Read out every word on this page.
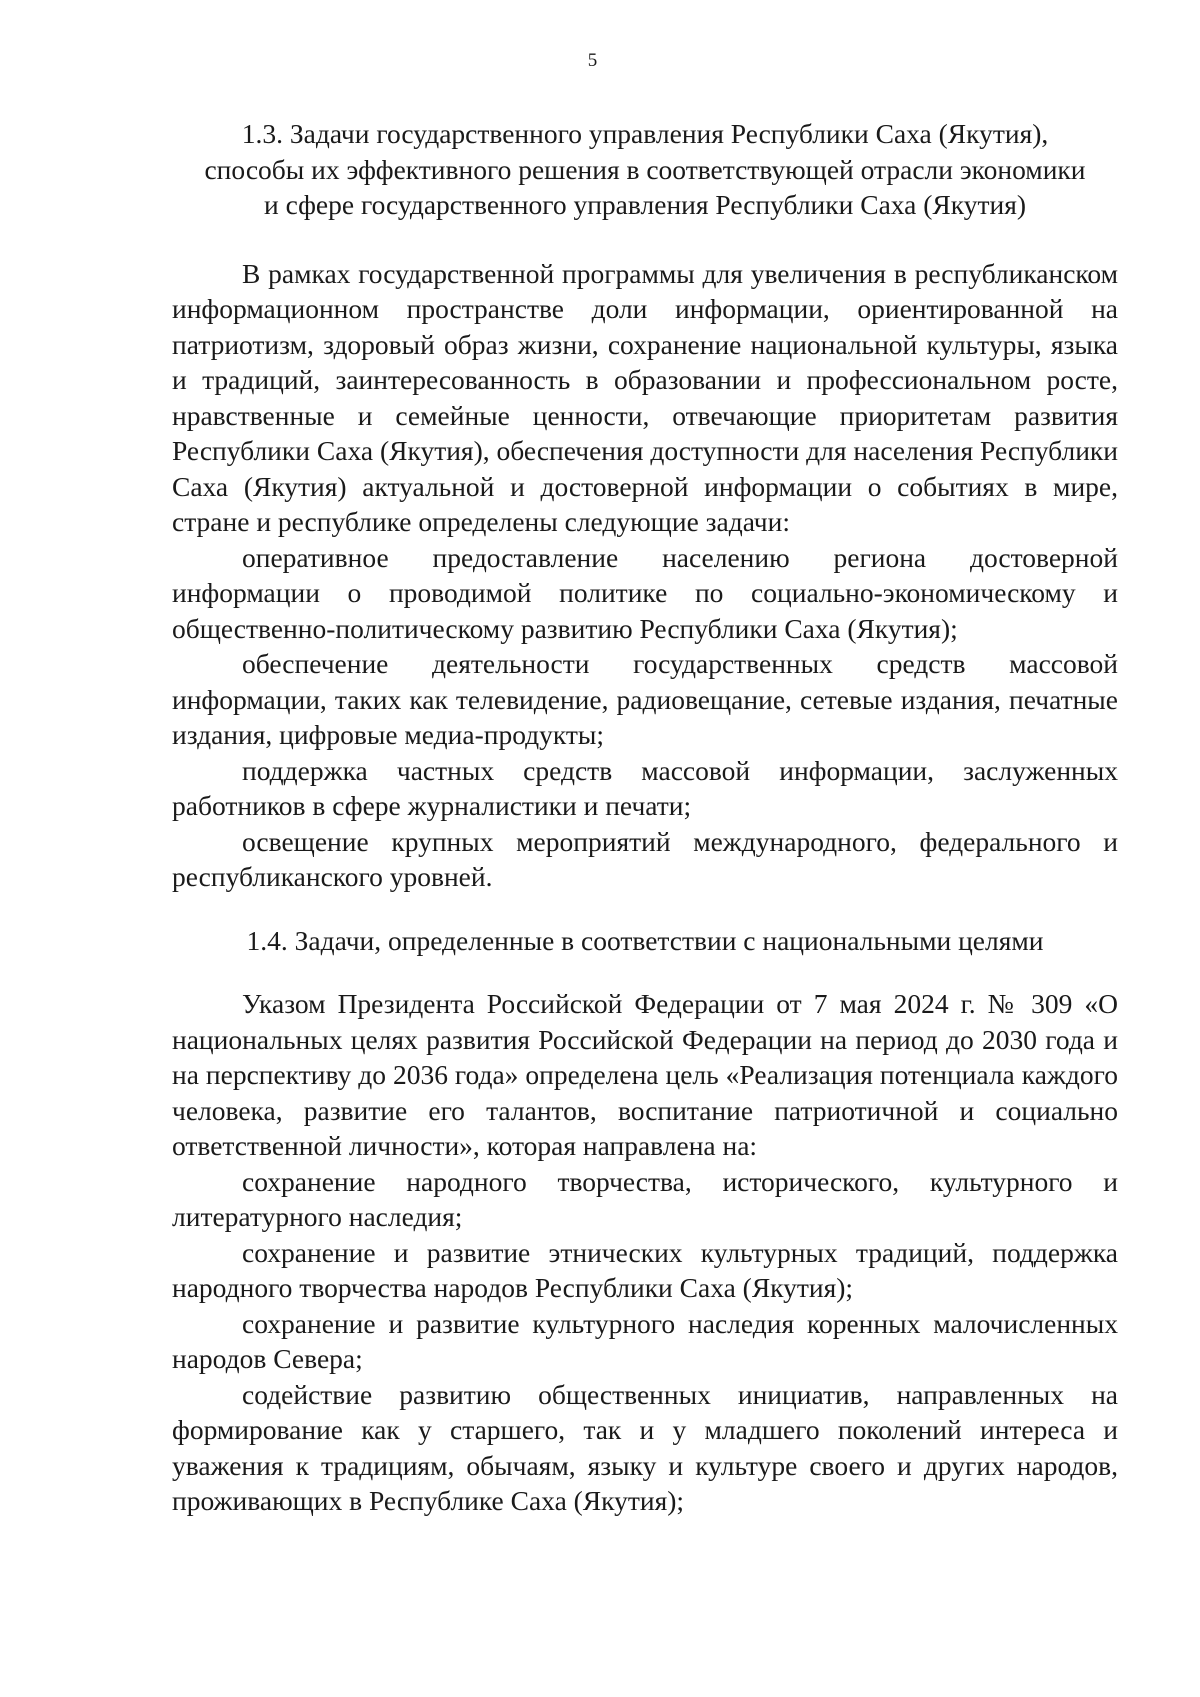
5
1.3. Задачи государственного управления Республики Саха (Якутия),
способы их эффективного решения в соответствующей отрасли экономики
и сфере государственного управления Республики Саха (Якутия)

В рамках государственной программы для увеличения в республиканском информационном пространстве доли информации, ориентированной на патриотизм, здоровый образ жизни, сохранение национальной культуры, языка и традиций, заинтересованность в образовании и профессиональном росте, нравственные и семейные ценности, отвечающие приоритетам развития Республики Саха (Якутия), обеспечения доступности для населения Республики Саха (Якутия) актуальной и достоверной информации о событиях в мире, стране и республике определены следующие задачи:

оперативное предоставление населению региона достоверной информации о проводимой политике по социально-экономическому и общественно-политическому развитию Республики Саха (Якутия);

обеспечение деятельности государственных средств массовой информации, таких как телевидение, радиовещание, сетевые издания, печатные издания, цифровые медиа-продукты;

поддержка частных средств массовой информации, заслуженных работников в сфере журналистики и печати;

освещение крупных мероприятий международного, федерального и республиканского уровней.

1.4. Задачи, определенные в соответствии с национальными целями

Указом Президента Российской Федерации от 7 мая 2024 г. № 309 «О национальных целях развития Российской Федерации на период до 2030 года и на перспективу до 2036 года» определена цель «Реализация потенциала каждого человека, развитие его талантов, воспитание патриотичной и социально ответственной личности», которая направлена на:

сохранение народного творчества, исторического, культурного и литературного наследия;

сохранение и развитие этнических культурных традиций, поддержка народного творчества народов Республики Саха (Якутия);

сохранение и развитие культурного наследия коренных малочисленных народов Севера;

содействие развитию общественных инициатив, направленных на формирование как у старшего, так и у младшего поколений интереса и уважения к традициям, обычаям, языку и культуре своего и других народов, проживающих в Республике Саха (Якутия);
